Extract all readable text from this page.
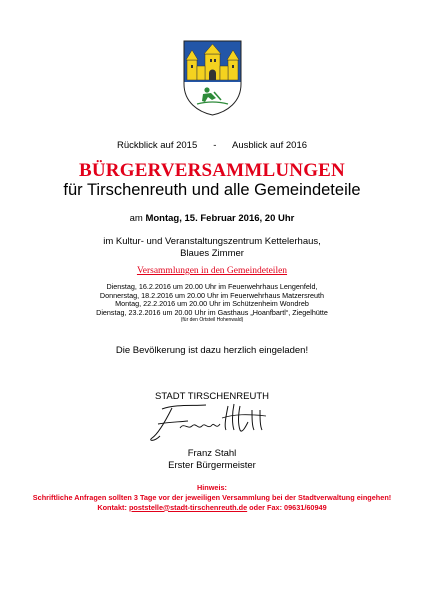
Rückblick auf 2015 - Ausblick auf 2016
BÜRGERVERSAMMLUNGEN
für Tirschenreuth und alle Gemeindeteile
am Montag, 15. Februar 2016, 20 Uhr
im Kultur- und Veranstaltungszentrum Kettelerhaus,
Blaues Zimmer
Versammlungen in den Gemeindeteilen
Dienstag, 16.2.2016 um 20.00 Uhr im Feuerwehrhaus Lengenfeld,
Donnerstag, 18.2.2016 um 20.00 Uhr im Feuerwehrhaus Matzersreuth
Montag, 22.2.2016 um 20.00 Uhr im Schützenheim Wondreb
Dienstag, 23.2.2016 um 20.00 Uhr im Gasthaus „Hoanfbartl“, Ziegelhütte
(für den Ortsteil Hohenwald)
Die Bevölkerung ist dazu herzlich eingeladen!
STADT TIRSCHENREUTH
Franz Stahl
Erster Bürgermeister
Hinweis:
Schriftliche Anfragen sollten 3 Tage vor der jeweiligen Versammlung bei der Stadtverwaltung eingehen!
Kontakt: poststelle@stadt-tirschenreuth.de oder Fax: 09631/60949
